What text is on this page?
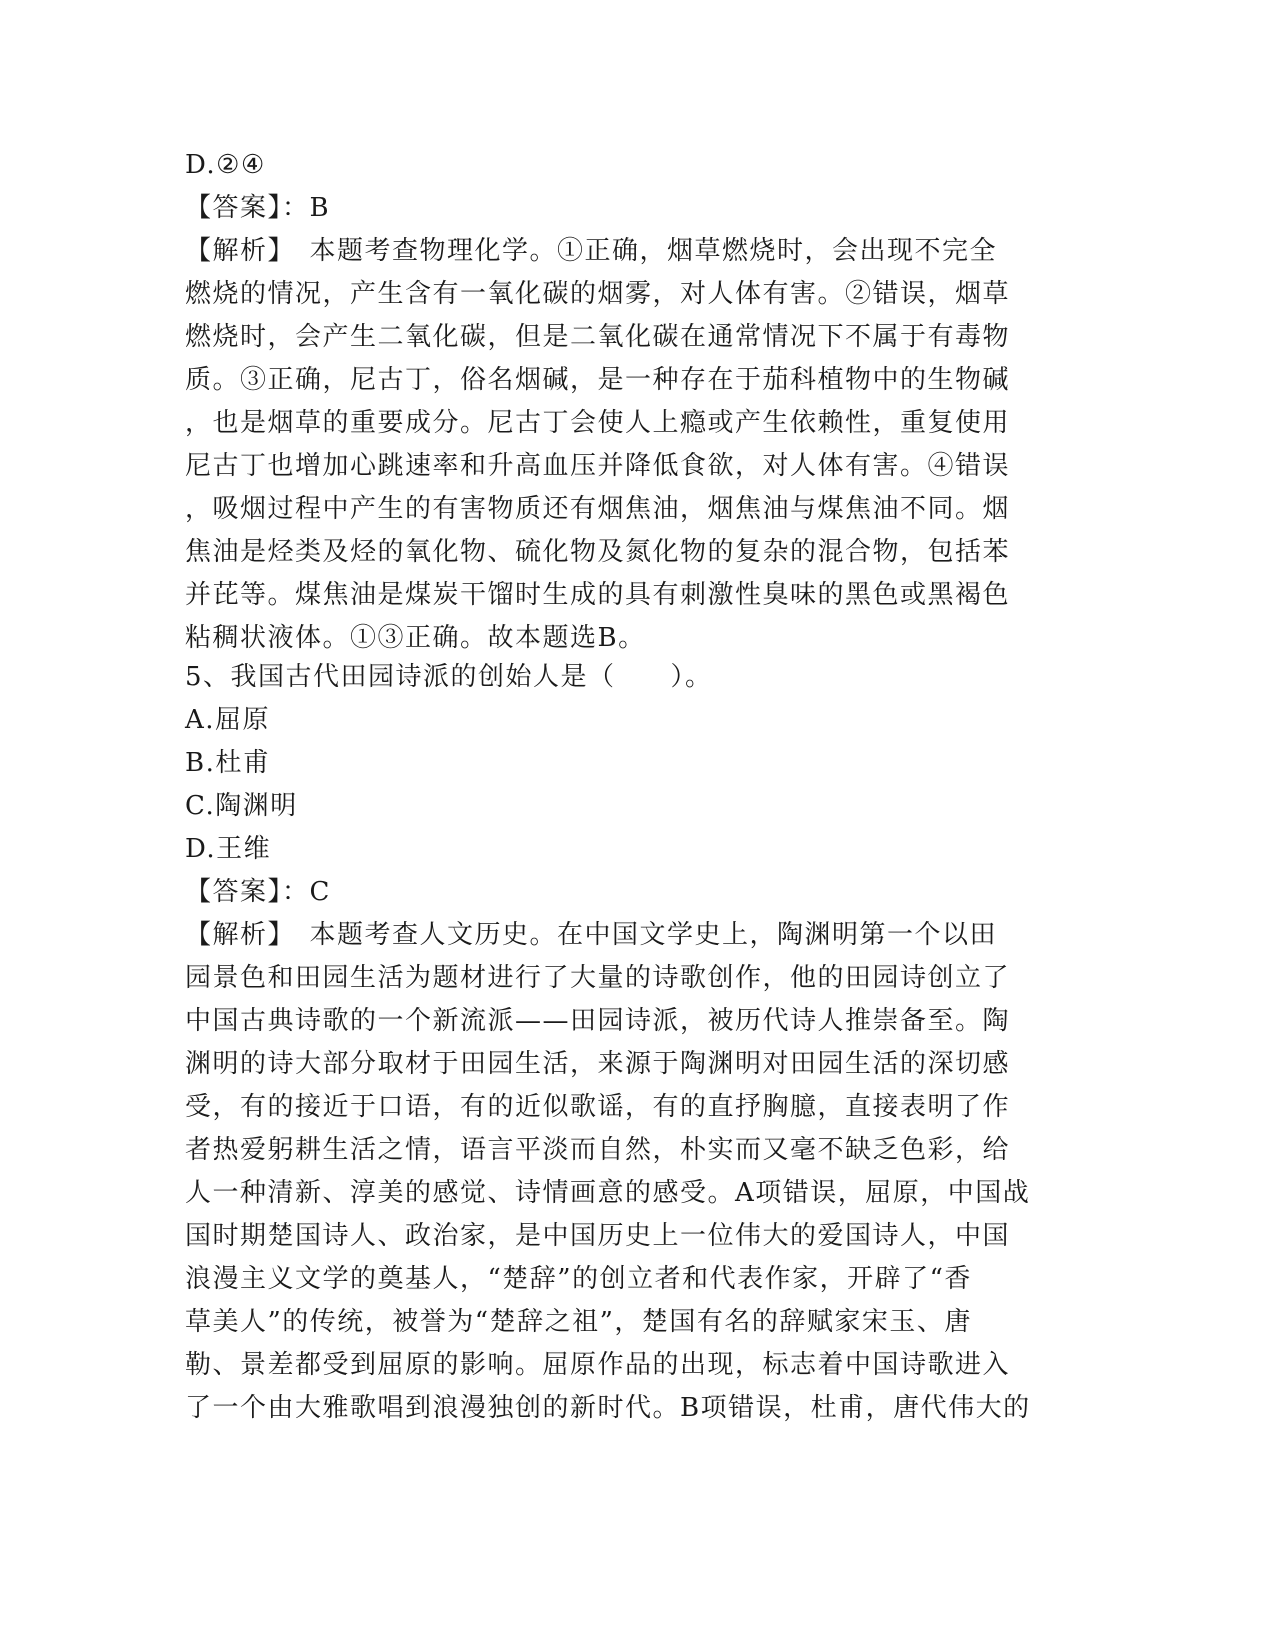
D.②④
【答案】：B
【解析】　本题考查物理化学。①正确，烟草燃烧时，会出现不完全
燃烧的情况，产生含有一氧化碳的烟雾，对人体有害。②错误，烟草
燃烧时，会产生二氧化碳，但是二氧化碳在通常情况下不属于有毒物
质。③正确，尼古丁，俗名烟碱，是一种存在于茄科植物中的生物碱
，也是烟草的重要成分。尼古丁会使人上瘾或产生依赖性，重复使用
尼古丁也增加心跳速率和升高血压并降低食欲，对人体有害。④错误
，吸烟过程中产生的有害物质还有烟焦油，烟焦油与煤焦油不同。烟
焦油是烃类及烃的氧化物、硫化物及氮化物的复杂的混合物，包括苯
并芘等。煤焦油是煤炭干馏时生成的具有刺激性臭味的黑色或黑褐色
粘稠状液体。①③正确。故本题选B。
5、我国古代田园诗派的创始人是（　　）。
A.屈原
B.杜甫
C.陶渊明
D.王维
【答案】：C
【解析】　本题考查人文历史。在中国文学史上，陶渊明第一个以田
园景色和田园生活为题材进行了大量的诗歌创作，他的田园诗创立了
中国古典诗歌的一个新流派——田园诗派，被历代诗人推崇备至。陶
渊明的诗大部分取材于田园生活，来源于陶渊明对田园生活的深切感
受，有的接近于口语，有的近似歌谣，有的直抒胸臆，直接表明了作
者热爱躬耕生活之情，语言平淡而自然，朴实而又毫不缺乏色彩，给
人一种清新、淳美的感觉、诗情画意的感受。A项错误，屈原，中国战
国时期楚国诗人、政治家，是中国历史上一位伟大的爱国诗人，中国
浪漫主义文学的奠基人，“楚辞”的创立者和代表作家，开辟了“香
草美人”的传统，被誉为“楚辞之祖”，楚国有名的辞赋家宋玉、唐
勒、景差都受到屈原的影响。屈原作品的出现，标志着中国诗歌进入
了一个由大雅歌唱到浪漫独创的新时代。B项错误，杜甫，唐代伟大的
